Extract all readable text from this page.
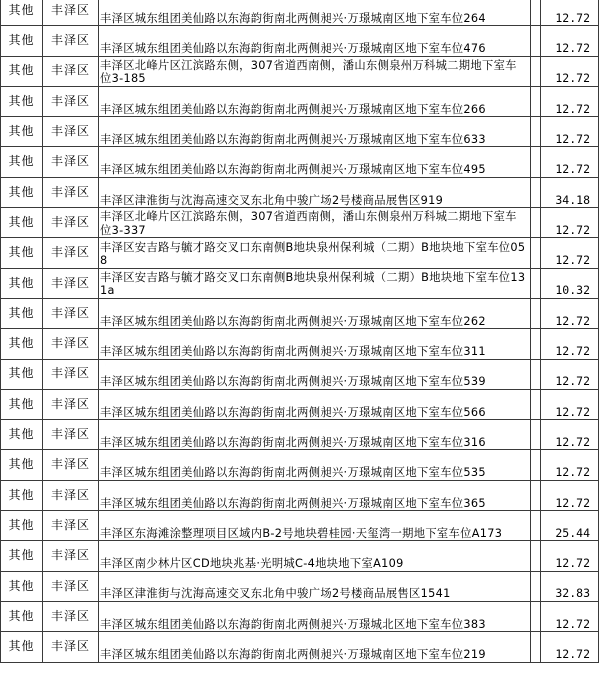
其他	丰泽区	丰泽区城东组团美仙路以东海韵街南北两侧昶兴·万璟城南区地下室车位264		12.72
其他	丰泽区	丰泽区城东组团美仙路以东海韵街南北两侧昶兴·万璟城南区地下室车位476		12.72
其他	丰泽区	丰泽区北峰片区江滨路东侧，307省道西南侧，潘山东侧泉州万科城二期地下室车位3-185		12.72
其他	丰泽区	丰泽区城东组团美仙路以东海韵街南北两侧昶兴·万璟城南区地下室车位266		12.72
其他	丰泽区	丰泽区城东组团美仙路以东海韵街南北两侧昶兴·万璟城南区地下室车位633		12.72
其他	丰泽区	丰泽区城东组团美仙路以东海韵街南北两侧昶兴·万璟城南区地下室车位495		12.72
其他	丰泽区	丰泽区津淮街与沈海高速交叉东北角中骏广场2号楼商品展售区919		34.18
其他	丰泽区	丰泽区北峰片区江滨路东侧，307省道西南侧，潘山东侧泉州万科城二期地下室车位3-337		12.72
其他	丰泽区	丰泽区安吉路与毓才路交叉口东南侧B地块泉州保利城（二期）B地块地下室车位058		12.72
其他	丰泽区	丰泽区安吉路与毓才路交叉口东南侧B地块泉州保利城（二期）B地块地下室车位131a		10.32
其他	丰泽区	丰泽区城东组团美仙路以东海韵街南北两侧昶兴·万璟城南区地下室车位262		12.72
其他	丰泽区	丰泽区城东组团美仙路以东海韵街南北两侧昶兴·万璟城南区地下室车位311		12.72
其他	丰泽区	丰泽区城东组团美仙路以东海韵街南北两侧昶兴·万璟城南区地下室车位539		12.72
其他	丰泽区	丰泽区城东组团美仙路以东海韵街南北两侧昶兴·万璟城南区地下室车位566		12.72
其他	丰泽区	丰泽区城东组团美仙路以东海韵街南北两侧昶兴·万璟城南区地下室车位316		12.72
其他	丰泽区	丰泽区城东组团美仙路以东海韵街南北两侧昶兴·万璟城南区地下室车位535		12.72
其他	丰泽区	丰泽区城东组团美仙路以东海韵街南北两侧昶兴·万璟城南区地下室车位365		12.72
其他	丰泽区	丰泽区东海滩涂整理项目区域内B-2号地块碧桂园·天玺湾一期地下室车位A173		25.44
其他	丰泽区	丰泽区南少林片区CD地块兆基·光明城C-4地块地下室A109		12.72
其他	丰泽区	丰泽区津淮街与沈海高速交叉东北角中骏广场2号楼商品展售区1541		32.83
其他	丰泽区	丰泽区城东组团美仙路以东海韵街南北两侧昶兴·万璟城北区地下室车位383		12.72
其他	丰泽区	丰泽区城东组团美仙路以东海韵街南北两侧昶兴·万璟城南区地下室车位219		12.72
